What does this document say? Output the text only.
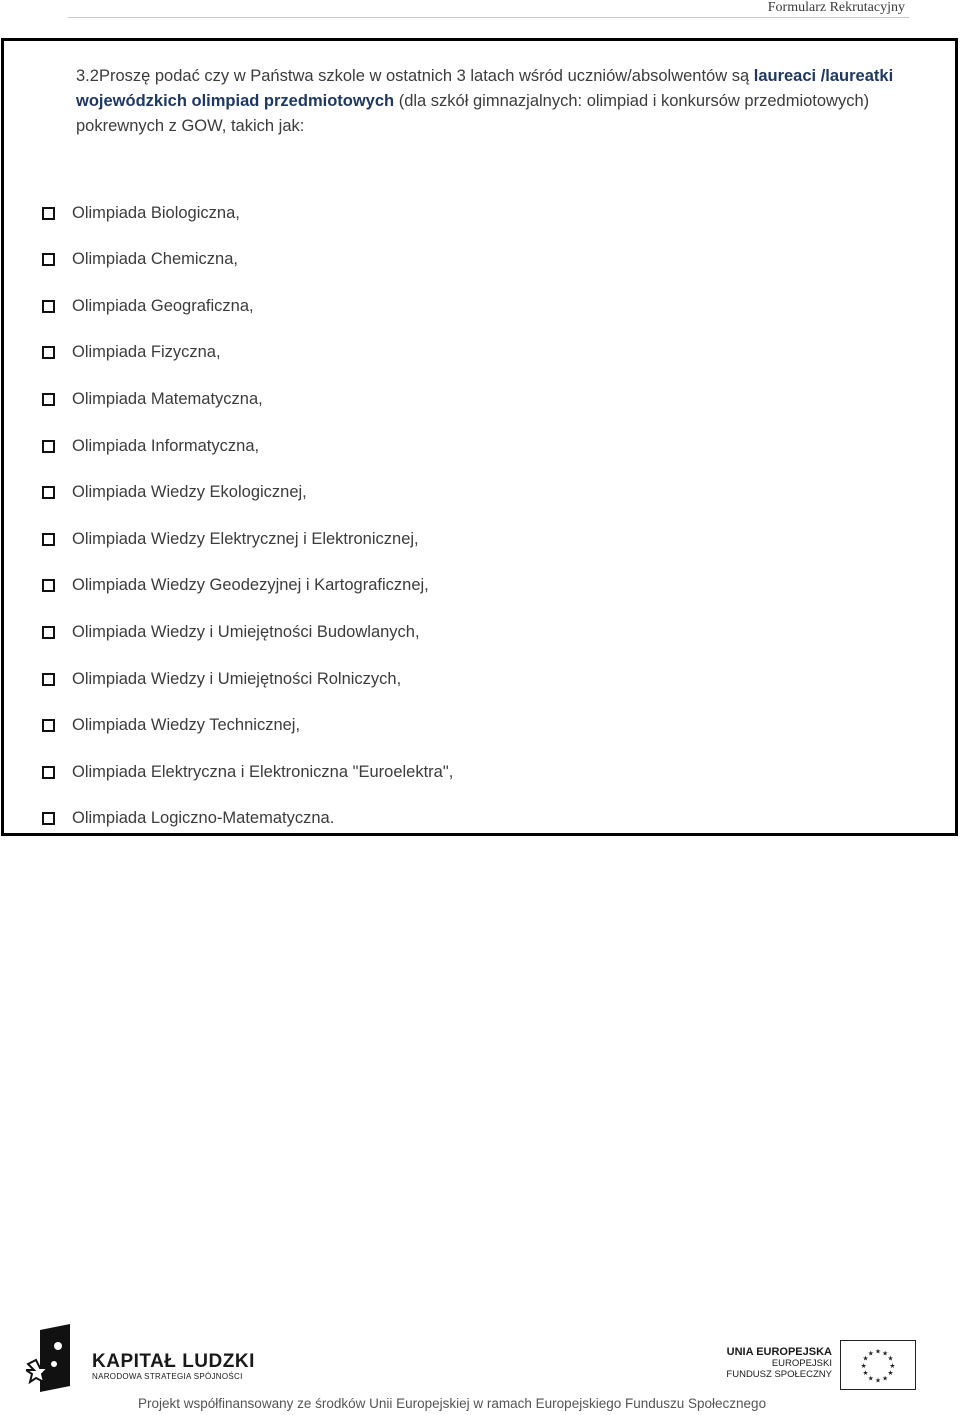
Formularz Rekrutacyjny
3.2Proszę podać czy w Państwa szkole w ostatnich 3 latach wśród uczniów/absolwentów są laureaci /laureatki wojewódzkich olimpiad przedmiotowych (dla szkół gimnazjalnych: olimpiad i konkursów przedmiotowych) pokrewnych z GOW, takich jak:
Olimpiada Biologiczna,
Olimpiada Chemiczna,
Olimpiada Geograficzna,
Olimpiada Fizyczna,
Olimpiada Matematyczna,
Olimpiada Informatyczna,
Olimpiada Wiedzy Ekologicznej,
Olimpiada Wiedzy Elektrycznej i Elektronicznej,
Olimpiada Wiedzy Geodezyjnej i Kartograficznej,
Olimpiada Wiedzy i Umiejętności Budowlanych,
Olimpiada Wiedzy i Umiejętności Rolniczych,
Olimpiada Wiedzy Technicznej,
Olimpiada Elektryczna i Elektroniczna "Euroelektra",
Olimpiada Logiczno-Matematyczna.
KAPITAŁ LUDZKI
NARODOWA STRATEGIA SPÓJNOŚCI
UNIA EUROPEJSKA
EUROPEJSKI
FUNDUSZ SPOŁECZNY
★
★
★
★
★
★
★
★
★ ★ ★
★
Projekt współfinansowany ze środków Unii Europejskiej w ramach Europejskiego Funduszu Społecznego
